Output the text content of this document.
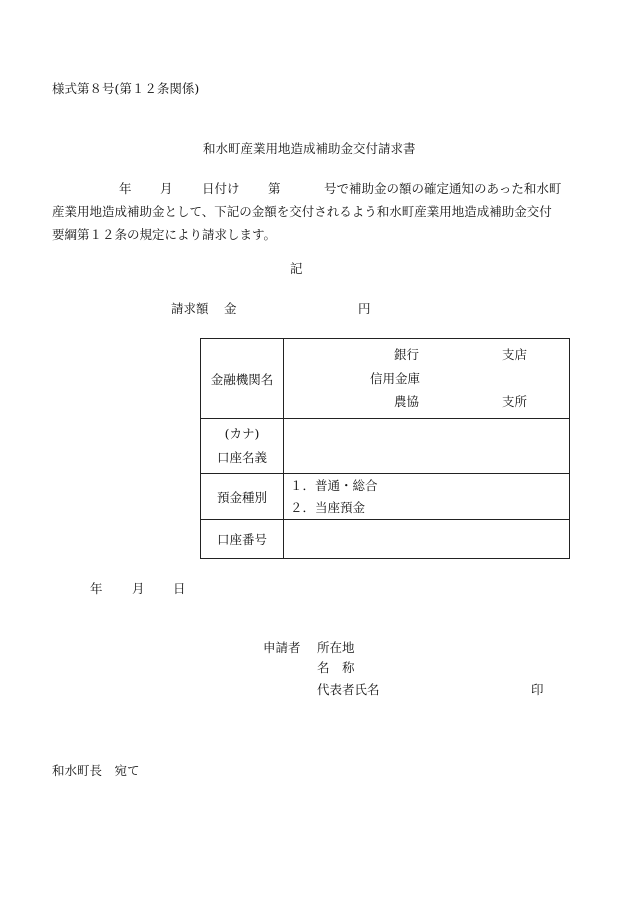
様式第８号(第１２条関係)
和水町産業用地造成補助金交付請求書
年 月 日付け 第	号で補助金の額の確定通知のあった和水町
産業用地造成補助金として、下記の金額を交付されるよう和水町産業用地造成補助金交付
要綱第１２条の規定により請求します。
記
請求額 金	円
金融機関名	銀行 支店
信用金庫
農協 支所

(カナ)
口座名義	

預金種別	１．普通・総合
２．当座預金

口座番号	
年 月 日
申請者 所在地
名　称
代表者氏名	印
和水町長　宛て
